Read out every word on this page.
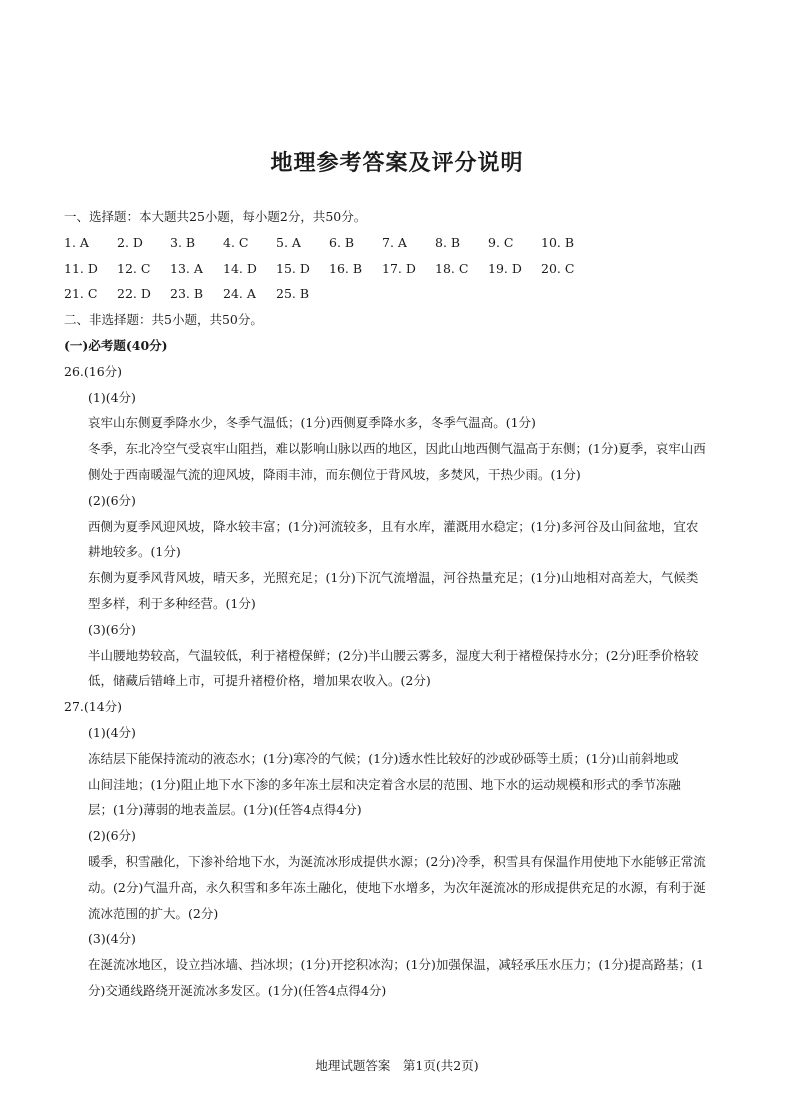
地理参考答案及评分说明
一、选择题：本大题共25小题，每小题2分，共50分。
1. A	2. D	3. B	4. C	5. A	6. B	7. A	8. B	9. C	10. B
11. D	12. C	13. A	14. D	15. D	16. B	17. D	18. C	19. D	20. C
21. C	22. D	23. B	24. A	25. B
二、非选择题：共5小题，共50分。
(一)必考题(40分)
26.(16分)
(1)(4分)
哀牢山东侧夏季降水少，冬季气温低；(1分)西侧夏季降水多，冬季气温高。(1分)
冬季，东北冷空气受哀牢山阻挡，难以影响山脉以西的地区，因此山地西侧气温高于东侧；(1分)夏季，哀牢山西
侧处于西南暖湿气流的迎风坡，降雨丰沛，而东侧位于背风坡，多焚风，干热少雨。(1分)
(2)(6分)
西侧为夏季风迎风坡，降水较丰富；(1分)河流较多，且有水库，灌溉用水稳定；(1分)多河谷及山间盆地，宜农
耕地较多。(1分)
东侧为夏季风背风坡，晴天多，光照充足；(1分)下沉气流增温，河谷热量充足；(1分)山地相对高差大，气候类
型多样，利于多种经营。(1分)
(3)(6分)
半山腰地势较高，气温较低，利于褚橙保鲜；(2分)半山腰云雾多，湿度大利于褚橙保持水分；(2分)旺季价格较
低，储藏后错峰上市，可提升褚橙价格，增加果农收入。(2分)
27.(14分)
(1)(4分)
冻结层下能保持流动的液态水；(1分)寒冷的气候；(1分)透水性比较好的沙或砂砾等土质；(1分)山前斜地或
山间洼地；(1分)阻止地下水下渗的多年冻土层和决定着含水层的范围、地下水的运动规模和形式的季节冻融
层；(1分)薄弱的地表盖层。(1分)(任答4点得4分)
(2)(6分)
暖季，积雪融化，下渗补给地下水，为涎流冰形成提供水源；(2分)冷季，积雪具有保温作用使地下水能够正常流
动。(2分)气温升高，永久积雪和多年冻土融化，使地下水增多，为次年涎流冰的形成提供充足的水源，有利于涎
流冰范围的扩大。(2分)
(3)(4分)
在涎流冰地区，设立挡冰墙、挡冰坝；(1分)开挖积冰沟；(1分)加强保温，减轻承压水压力；(1分)提高路基；(1
分)交通线路绕开涎流冰多发区。(1分)(任答4点得4分)
地理试题答案　第1页(共2页)
